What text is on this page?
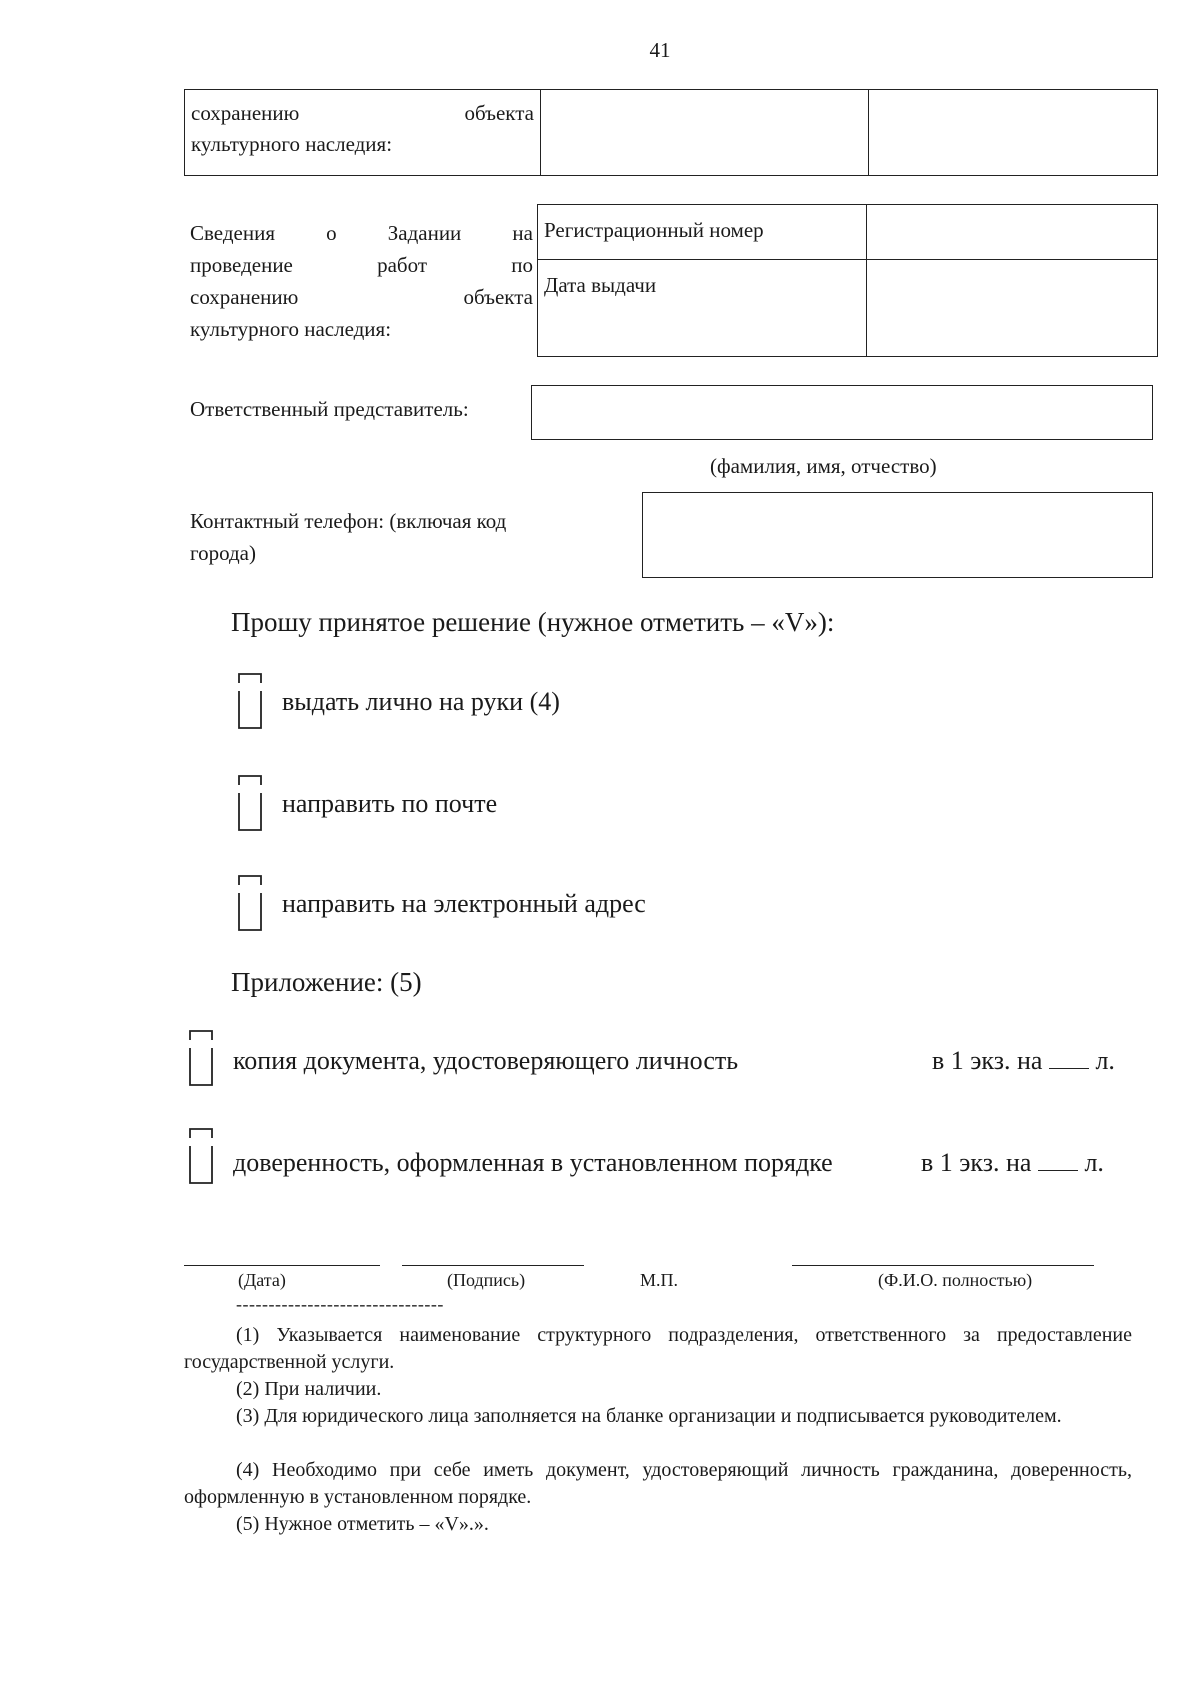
41
сохранению	объекта
культурного наследия:
Сведения о Задании на
проведение	работ	по
сохранению	объекта
культурного наследия:
Регистрационный номер
Дата выдачи
Ответственный представитель:
(фамилия, имя, отчество)
Контактный телефон: (включая код
города)
Прошу принятое решение (нужное отметить – «V»):
выдать лично на руки (4)
направить по почте
направить на электронный адрес
Приложение: (5)
копия документа, удостоверяющего личность	в 1 экз. на л.
доверенность, оформленная в установленном порядке	в 1 экз. на л.
(Дата)	(Подпись)	М.П.	(Ф.И.О. полностью)
--------------------------------
(1) Указывается наименование структурного подразделения, ответственного за предоставление государственной услуги.
(2) При наличии.
(3) Для юридического лица заполняется на бланке организации и подписывается руководителем.
(4) Необходимо при себе иметь документ, удостоверяющий личность гражданина, доверенность, оформленную в установленном порядке.
(5) Нужное отметить – «V».».
